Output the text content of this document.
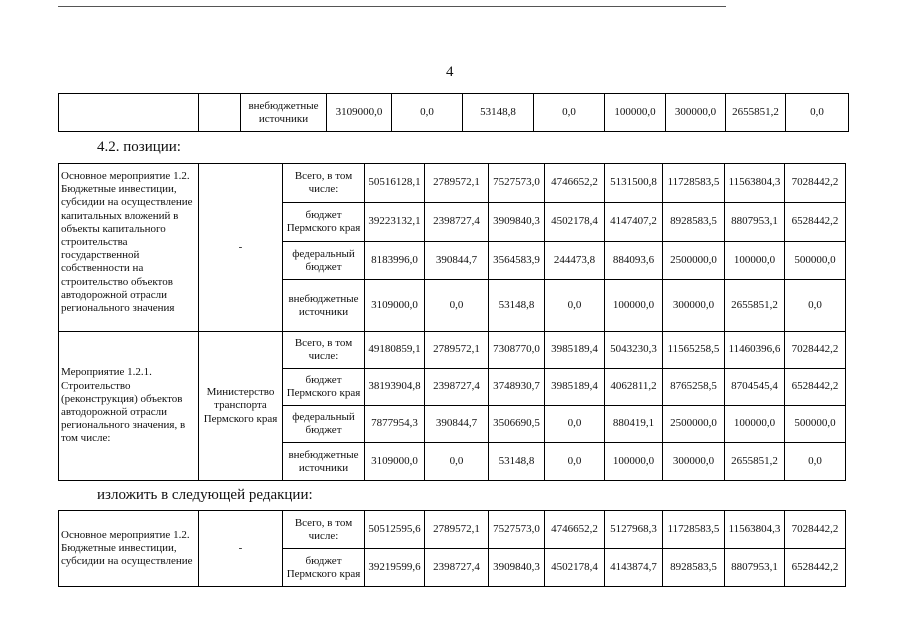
4
		внебюджетные источники	3109000,0	0,0	53148,8	0,0	100000,0	300000,0	2655851,2	0,0
4.2. позиции:
Основное мероприятие 1.2. Бюджетные инвестиции, субсидии на осуществление капитальных вложений в объекты капитального строительства государственной собственности на строительство объектов автодорожной отрасли регионального значения	-	Всего, в том числе:	50516128,1	2789572,1	7527573,0	4746652,2	5131500,8	11728583,5	11563804,3	7028442,2
		бюджет Пермского края	39223132,1	2398727,4	3909840,3	4502178,4	4147407,2	8928583,5	8807953,1	6528442,2
		федеральный бюджет	8183996,0	390844,7	3564583,9	244473,8	884093,6	2500000,0	100000,0	500000,0
		внебюджетные источники	3109000,0	0,0	53148,8	0,0	100000,0	300000,0	2655851,2	0,0
Мероприятие 1.2.1. Строительство (реконструкция) объектов автодорожной отрасли регионального значения, в том числе:	Министерство транспорта Пермского края	Всего, в том числе:	49180859,1	2789572,1	7308770,0	3985189,4	5043230,3	11565258,5	11460396,6	7028442,2
		бюджет Пермского края	38193904,8	2398727,4	3748930,7	3985189,4	4062811,2	8765258,5	8704545,4	6528442,2
		федеральный бюджет	7877954,3	390844,7	3506690,5	0,0	880419,1	2500000,0	100000,0	500000,0
		внебюджетные источники	3109000,0	0,0	53148,8	0,0	100000,0	300000,0	2655851,2	0,0
изложить в следующей редакции:
Основное мероприятие 1.2. Бюджетные инвестиции, субсидии на осуществление	-	Всего, в том числе:	50512595,6	2789572,1	7527573,0	4746652,2	5127968,3	11728583,5	11563804,3	7028442,2
		бюджет Пермского края	39219599,6	2398727,4	3909840,3	4502178,4	4143874,7	8928583,5	8807953,1	6528442,2
